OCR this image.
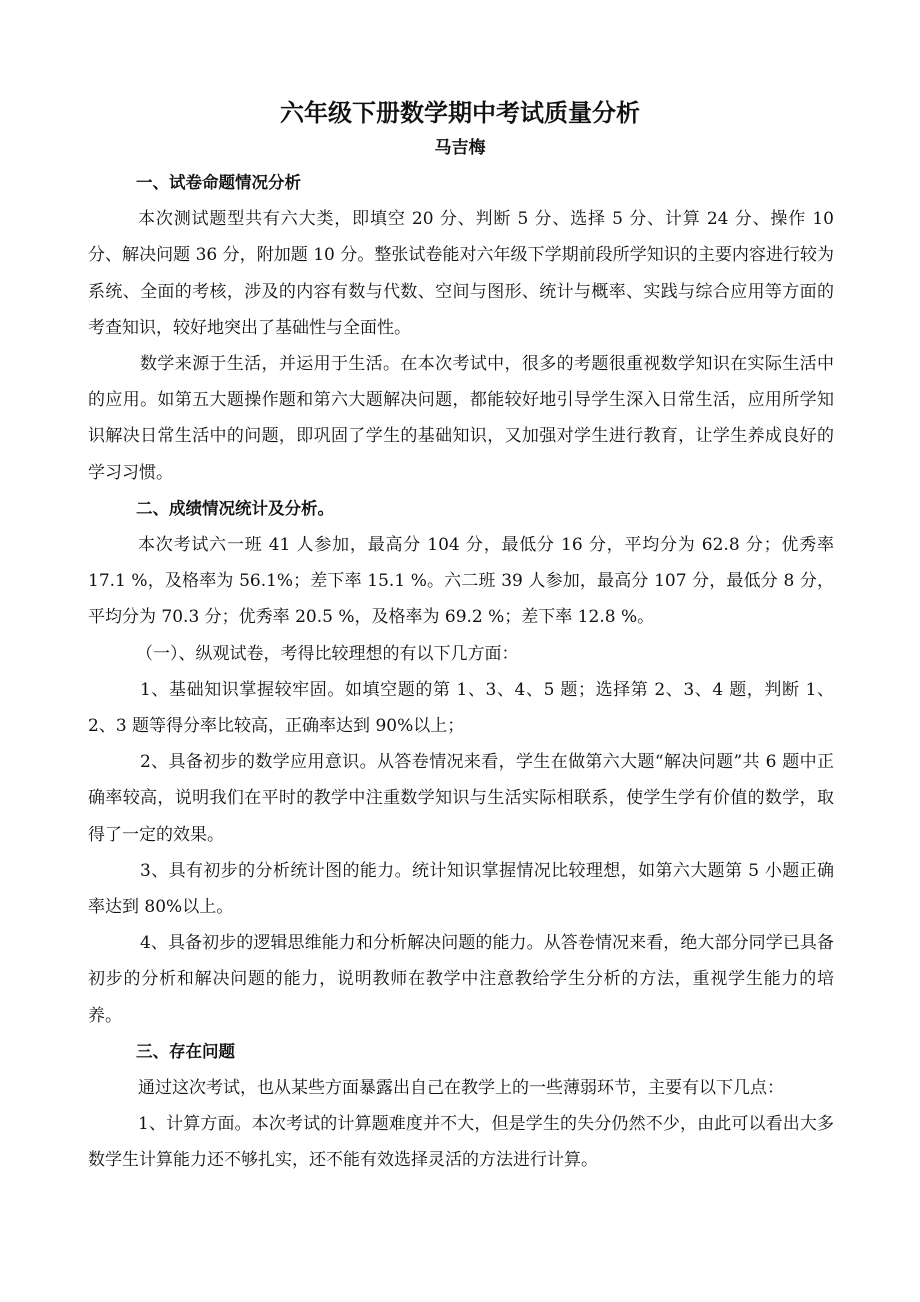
六年级下册数学期中考试质量分析
马吉梅

一、试卷命题情况分析

本次测试题型共有六大类，即填空 20 分、判断 5 分、选择 5 分、计算 24 分、操作 10 分、解决问题 36 分，附加题 10 分。整张试卷能对六年级下学期前段所学知识的主要内容进行较为系统、全面的考核，涉及的内容有数与代数、空间与图形、统计与概率、实践与综合应用等方面的考查知识，较好地突出了基础性与全面性。

数学来源于生活，并运用于生活。在本次考试中，很多的考题很重视数学知识在实际生活中的应用。如第五大题操作题和第六大题解决问题，都能较好地引导学生深入日常生活，应用所学知识解决日常生活中的问题，即巩固了学生的基础知识，又加强对学生进行教育，让学生养成良好的学习习惯。

二、成绩情况统计及分析。

本次考试六一班 41 人参加，最高分 104 分，最低分 16 分，平均分为 62.8 分；优秀率 17.1 %，及格率为 56.1%；差下率 15.1 %。六二班 39 人参加，最高分 107 分，最低分 8 分，平均分为 70.3 分；优秀率 20.5 %，及格率为 69.2 %；差下率 12.8 %。

（一）、纵观试卷，考得比较理想的有以下几方面：

1、基础知识掌握较牢固。如填空题的第 1、3、4、5 题；选择第 2、3、4 题，判断 1、2、3 题等得分率比较高，正确率达到 90%以上；

2、具备初步的数学应用意识。从答卷情况来看，学生在做第六大题“解决问题”共 6 题中正确率较高，说明我们在平时的教学中注重数学知识与生活实际相联系，使学生学有价值的数学，取得了一定的效果。

3、具有初步的分析统计图的能力。统计知识掌握情况比较理想，如第六大题第 5 小题正确率达到 80%以上。

4、具备初步的逻辑思维能力和分析解决问题的能力。从答卷情况来看，绝大部分同学已具备初步的分析和解决问题的能力，说明教师在教学中注意教给学生分析的方法，重视学生能力的培养。

三、存在问题

通过这次考试，也从某些方面暴露出自己在教学上的一些薄弱环节，主要有以下几点：

1、计算方面。本次考试的计算题难度并不大，但是学生的失分仍然不少，由此可以看出大多数学生计算能力还不够扎实，还不能有效选择灵活的方法进行计算。
